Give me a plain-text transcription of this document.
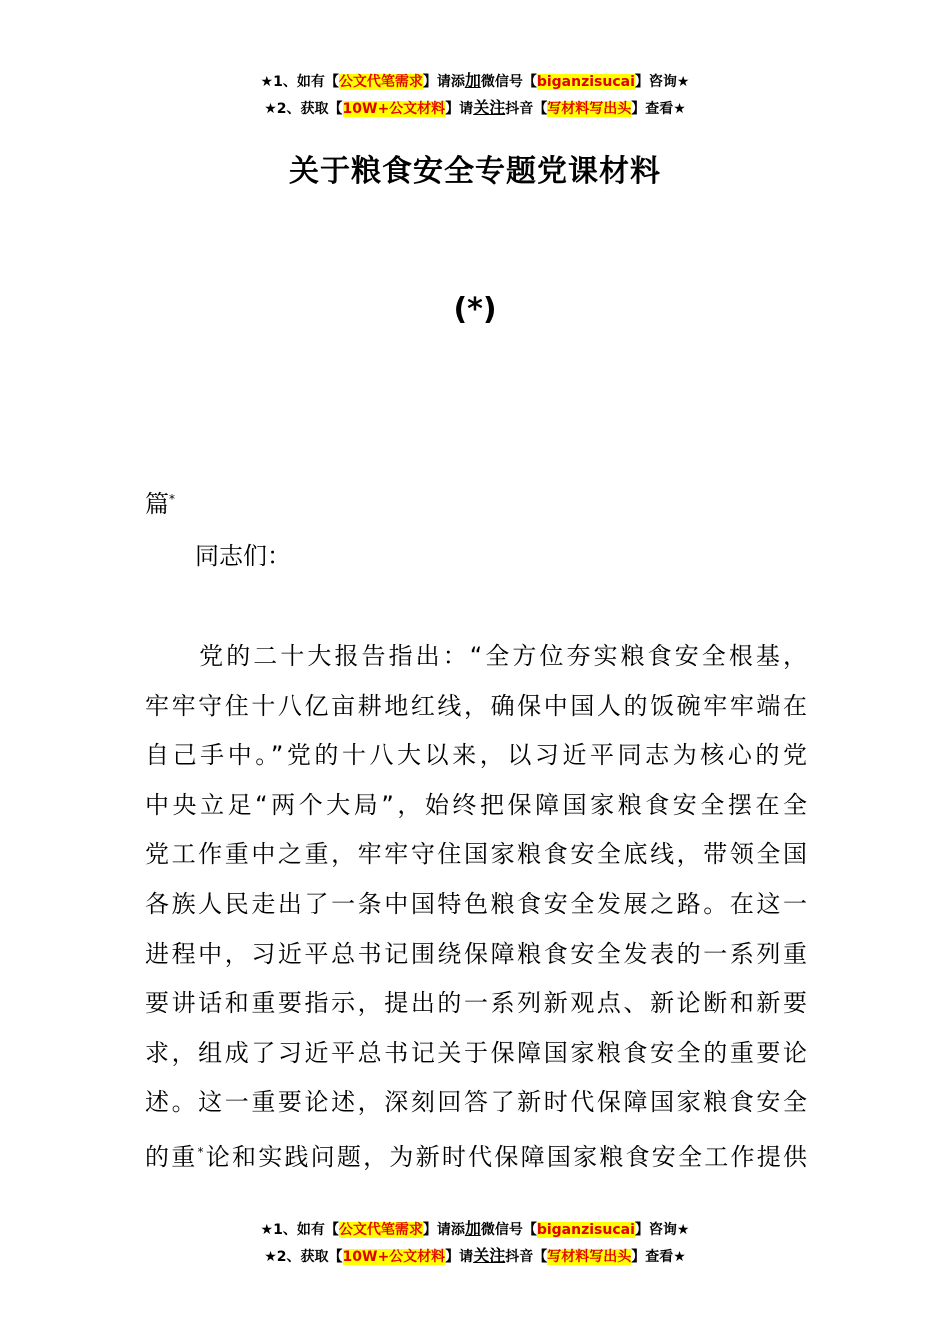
★1、如有【公文代笔需求】请添加微信号【biganzisucai】咨询★
★2、获取【10W+公文材料】请关注抖音【写材料写出头】查看★
关于粮食安全专题党课材料
(*)
篇*
同志们：
　　党的二十大报告指出：“全方位夯实粮食安全根基，
牢牢守住十八亿亩耕地红线，确保中国人的饭碗牢牢端在
自己手中。”党的十八大以来，以习近平同志为核心的党
中央立足“两个大局”，始终把保障国家粮食安全摆在全
党工作重中之重，牢牢守住国家粮食安全底线，带领全国
各族人民走出了一条中国特色粮食安全发展之路。在这一
进程中，习近平总书记围绕保障粮食安全发表的一系列重
要讲话和重要指示，提出的一系列新观点、新论断和新要
求，组成了习近平总书记关于保障国家粮食安全的重要论
述。这一重要论述，深刻回答了新时代保障国家粮食安全
的重*论和实践问题，为新时代保障国家粮食安全工作提供
★1、如有【公文代笔需求】请添加微信号【biganzisucai】咨询★
★2、获取【10W+公文材料】请关注抖音【写材料写出头】查看★
